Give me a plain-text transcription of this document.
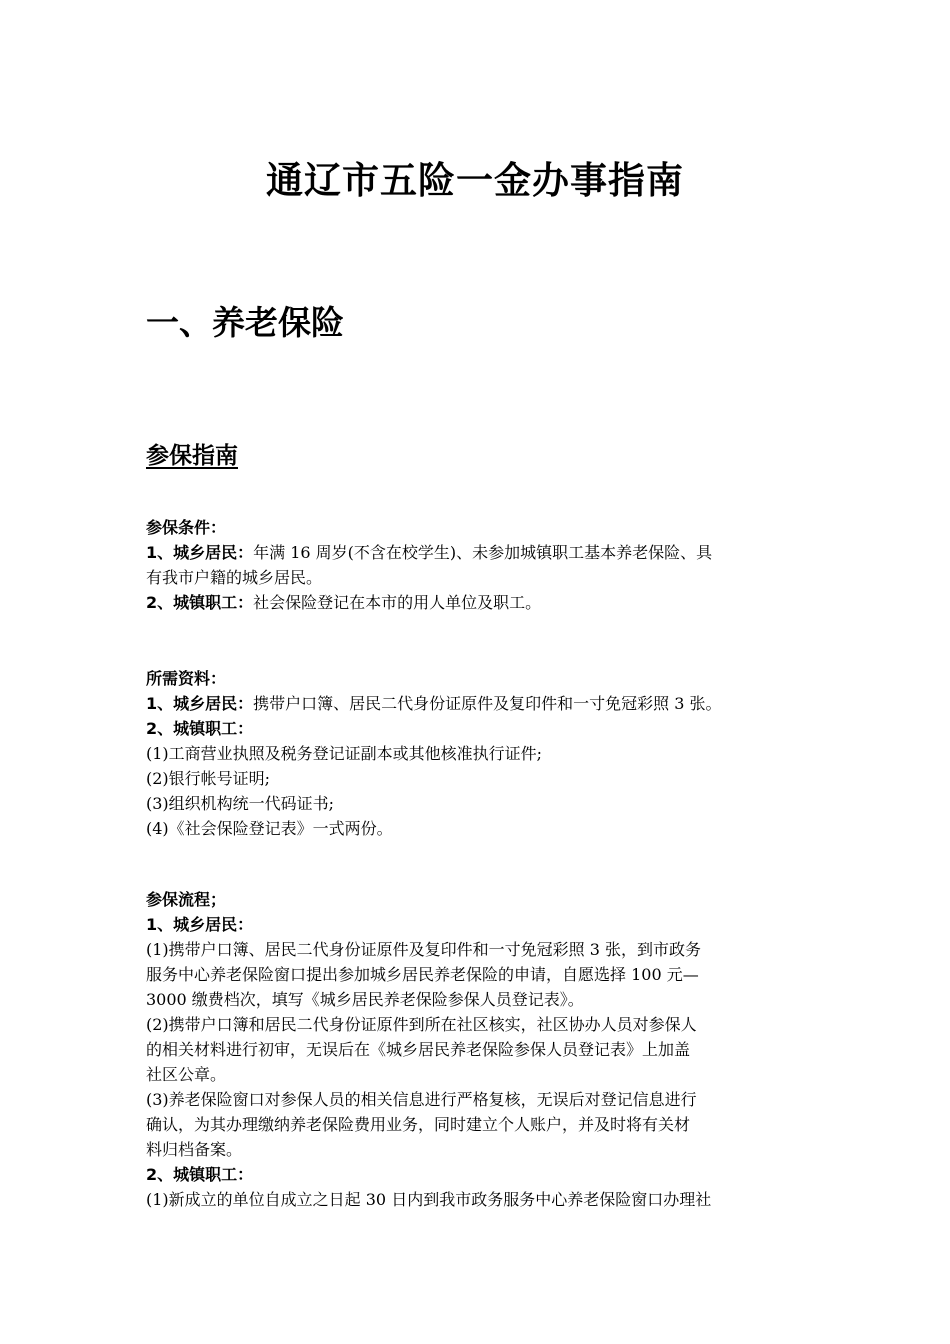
通辽市五险一金办事指南
一、养老保险
参保指南
参保条件：
1、城乡居民：年满 16 周岁(不含在校学生)、未参加城镇职工基本养老保险、具
有我市户籍的城乡居民。
2、城镇职工：社会保险登记在本市的用人单位及职工。
所需资料：
1、城乡居民：携带户口簿、居民二代身份证原件及复印件和一寸免冠彩照 3 张。
2、城镇职工：
(1)工商营业执照及税务登记证副本或其他核准执行证件;
(2)银行帐号证明;
(3)组织机构统一代码证书;
(4)《社会保险登记表》一式两份。
参保流程；
1、城乡居民：
(1)携带户口簿、居民二代身份证原件及复印件和一寸免冠彩照 3 张，到市政务
服务中心养老保险窗口提出参加城乡居民养老保险的申请，自愿选择 100 元—
3000 缴费档次，填写《城乡居民养老保险参保人员登记表》。
(2)携带户口簿和居民二代身份证原件到所在社区核实，社区协办人员对参保人
的相关材料进行初审，无误后在《城乡居民养老保险参保人员登记表》上加盖
社区公章。
(3)养老保险窗口对参保人员的相关信息进行严格复核，无误后对登记信息进行
确认，为其办理缴纳养老保险费用业务，同时建立个人账户，并及时将有关材
料归档备案。
2、城镇职工：
(1)新成立的单位自成立之日起 30 日内到我市政务服务中心养老保险窗口办理社
